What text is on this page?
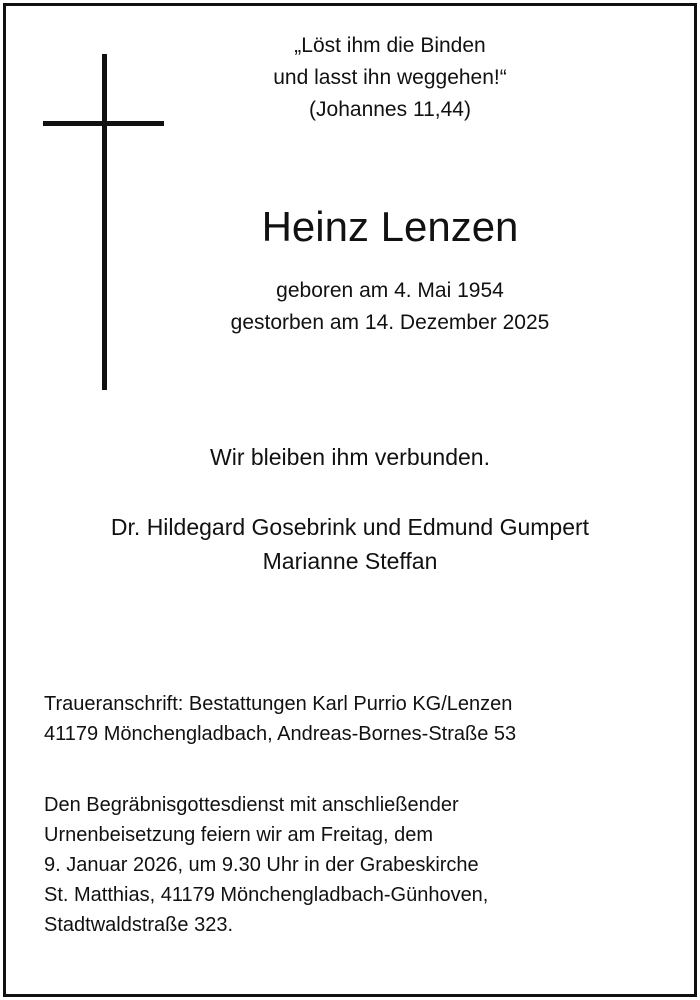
„Löst ihm die Binden
und lasst ihn weggehen!“
(Johannes 11,44)
Heinz Lenzen
geboren am 4. Mai 1954
gestorben am 14. Dezember 2025
Wir bleiben ihm verbunden.
Dr. Hildegard Gosebrink und Edmund Gumpert
Marianne Steffan
Traueranschrift: Bestattungen Karl Purrio KG/Lenzen
41179 Mönchengladbach, Andreas-Bornes-Straße 53
Den Begräbnisgottesdienst mit anschließender
Urnenbeisetzung feiern wir am Freitag, dem
9. Januar 2026, um 9.30 Uhr in der Grabeskirche
St. Matthias, 41179 Mönchengladbach-Günhoven,
Stadtwaldstraße 323.
